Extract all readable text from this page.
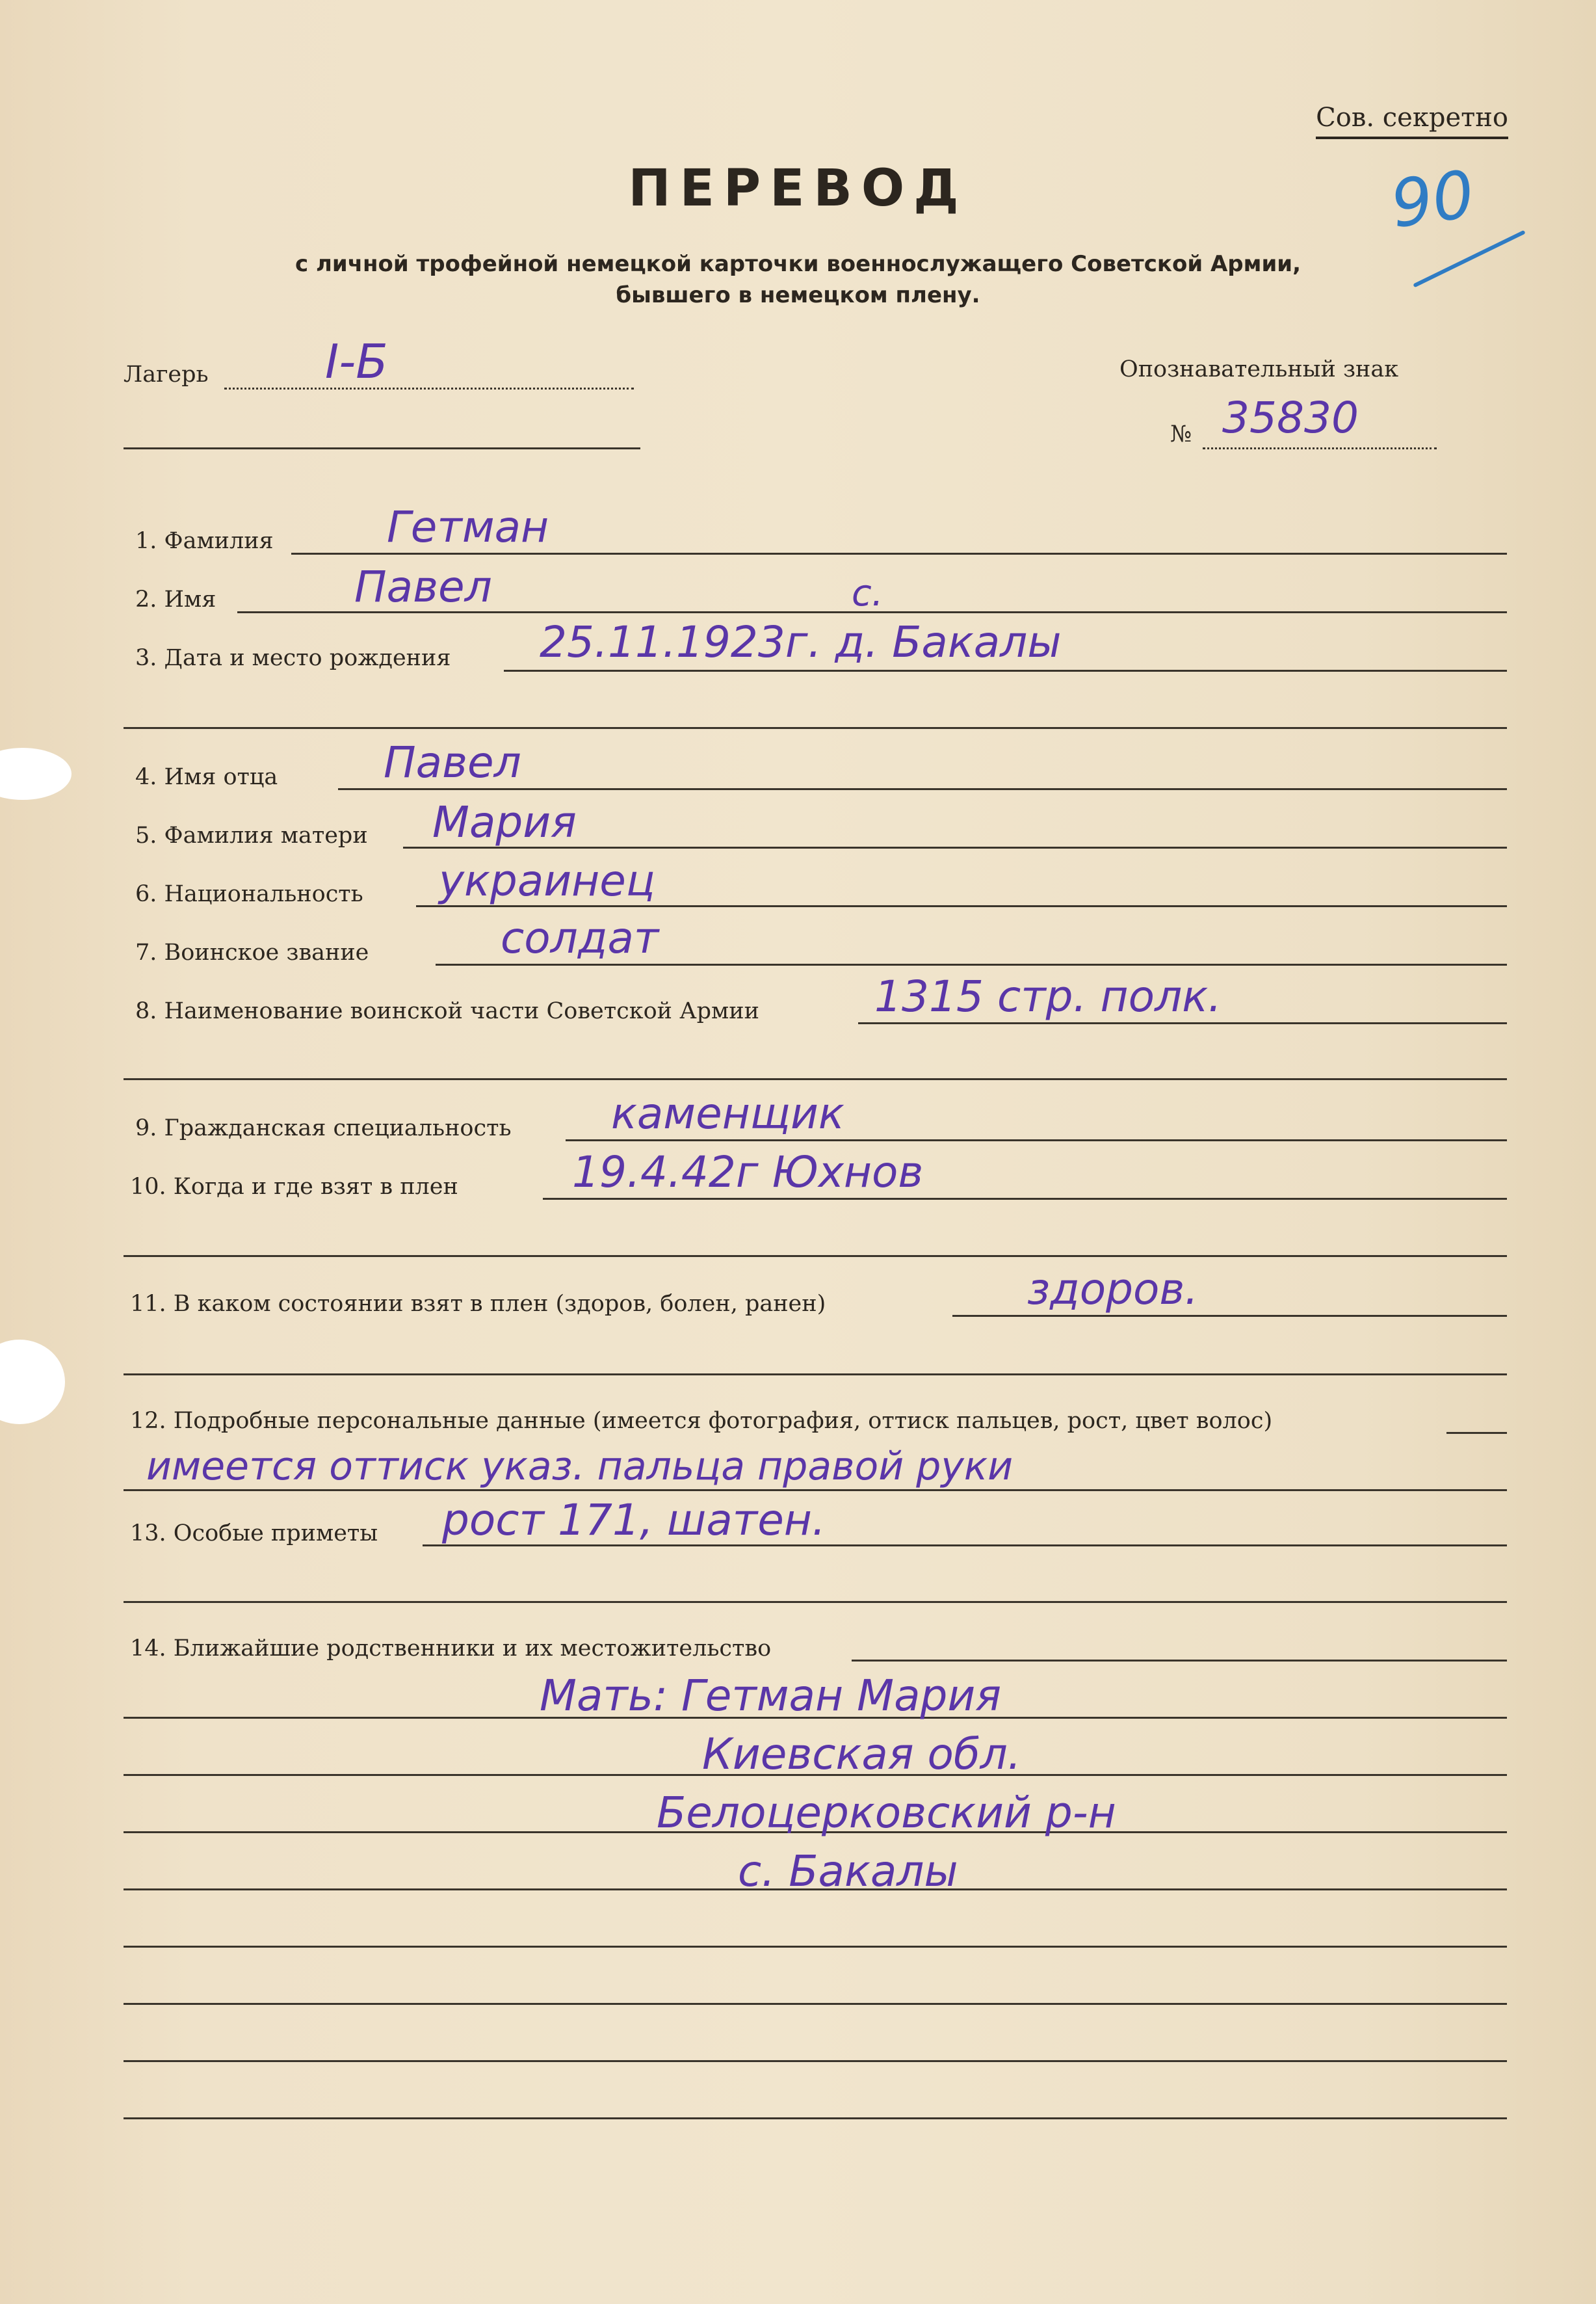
Сов. секретно
90
ПЕРЕВОД
с личной трофейной немецкой карточки военнослужащего Советской Армии,
бывшего в немецком плену.
Лагерь I-Б	Опознавательный знак
№ 35830
1. Фамилия	Гетман
2. Имя	Павел	с.
3. Дата и место рождения 25.11.1923г. д. Бакалы
4. Имя отца Павел
5. Фамилия матери Мария
6. Национальность украинец
7. Воинское звание	солдат
8. Наименование воинской части Советской Армии	1315 стр. полк.
9. Гражданская специальность каменщик
10. Когда и где взят в плен	19.4.42г Юхнов
11. В каком состоянии взят в плен (здоров, болен, ранен)	здоров.
12. Подробные персональные данные (имеется фотография, оттиск пальцев, рост, цвет волос)
имеется оттиск указ. пальца правой руки
13. Особые приметы рост 171, шатен.
14. Ближайшие родственники и их местожительство
Мать: Гетман Мария
Киевская обл.
Белоцерковский р-н
с. Бакалы
